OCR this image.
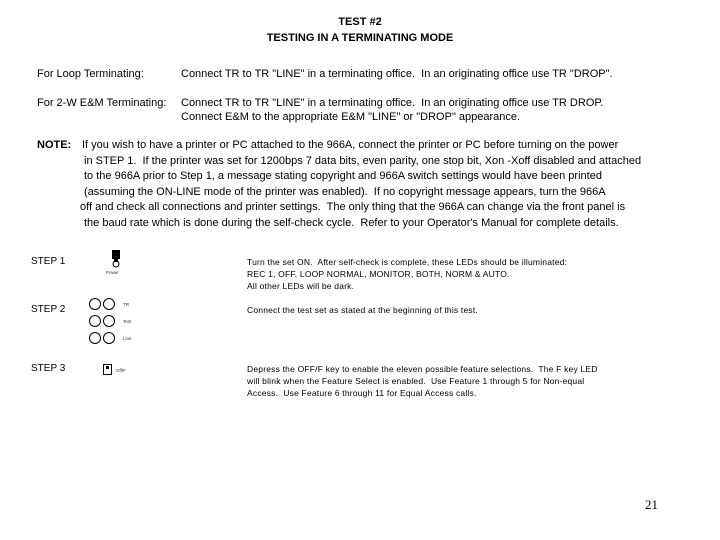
TEST #2
TESTING IN A TERMINATING MODE
For Loop Terminating:	Connect TR to TR "LINE" in a terminating office.  In an originating office use TR "DROP".
For 2-W E&M Terminating: Connect TR to TR "LINE" in a terminating office.  In an originating office use TR DROP.
Connect E&M to the appropriate E&M "LINE" or "DROP" appearance.
NOTE: If you wish to have a printer or PC attached to the 966A, connect the printer or PC before turning on the power
in STEP 1.  If the printer was set for 1200bps 7 data bits, even parity, one stop bit, Xon -Xoff disabled and attached
to the 966A prior to Step 1, a message stating copyright and 966A switch settings would have been printed
(assuming the ON-LINE mode of the printer was enabled).  If no copyright message appears, turn the 966A
off and check all connections and printer settings.  The only thing that the 966A can change via the front panel is
the baud rate which is done during the self-check cycle.  Refer to your Operator's Manual for complete details.
STEP 1
Power
Turn the set ON.  After self-check is complete, these LEDs should be illuminated:
REC 1, OFF, LOOP NORMAL, MONITOR, BOTH, NORM & AUTO.
All other LEDs will be dark.
STEP 2	TR
Test
Line
Connect the test set as stated at the beginning of this test.
STEP 3	Off/F	Depress the OFF/F key to enable the eleven possible feature selections.  The F key LED
will blink when the Feature Select is enabled.  Use Feature 1 through 5 for Non-equal
Access.  Use Feature 6 through 11 for Equal Access calls.
21
